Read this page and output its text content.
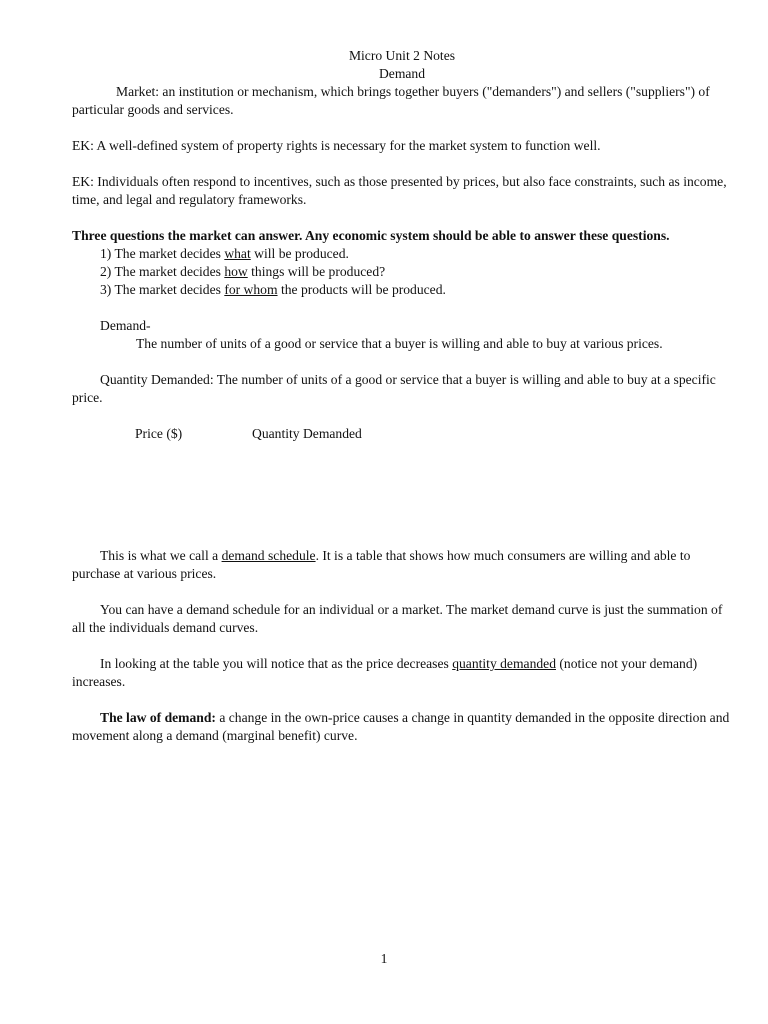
Micro Unit 2 Notes

Demand

Market: an institution or mechanism, which brings together buyers ("demanders") and sellers ("suppliers") of particular goods and services.

EK: A well-defined system of property rights is necessary for the market system to function well.

EK: Individuals often respond to incentives, such as those presented by prices, but also face constraints, such as income, time, and legal and regulatory frameworks.

Three questions the market can answer. Any economic system should be able to answer these questions.

1) The market decides what will be produced.

2) The market decides how things will be produced?

3) The market decides for whom the products will be produced.

Demand-

The number of units of a good or service that a buyer is willing and able to buy at various prices.

Quantity Demanded: The number of units of a good or service that a buyer is willing and able to buy at a specific price.

Price ($)	Quantity Demanded

This is what we call a demand schedule. It is a table that shows how much consumers are willing and able to purchase at various prices.

You can have a demand schedule for an individual or a market. The market demand curve is just the summation of all the individuals demand curves.

In looking at the table you will notice that as the price decreases quantity demanded (notice not your demand) increases.

The law of demand: a change in the own-price causes a change in quantity demanded in the opposite direction and movement along a demand (marginal benefit) curve.

1
